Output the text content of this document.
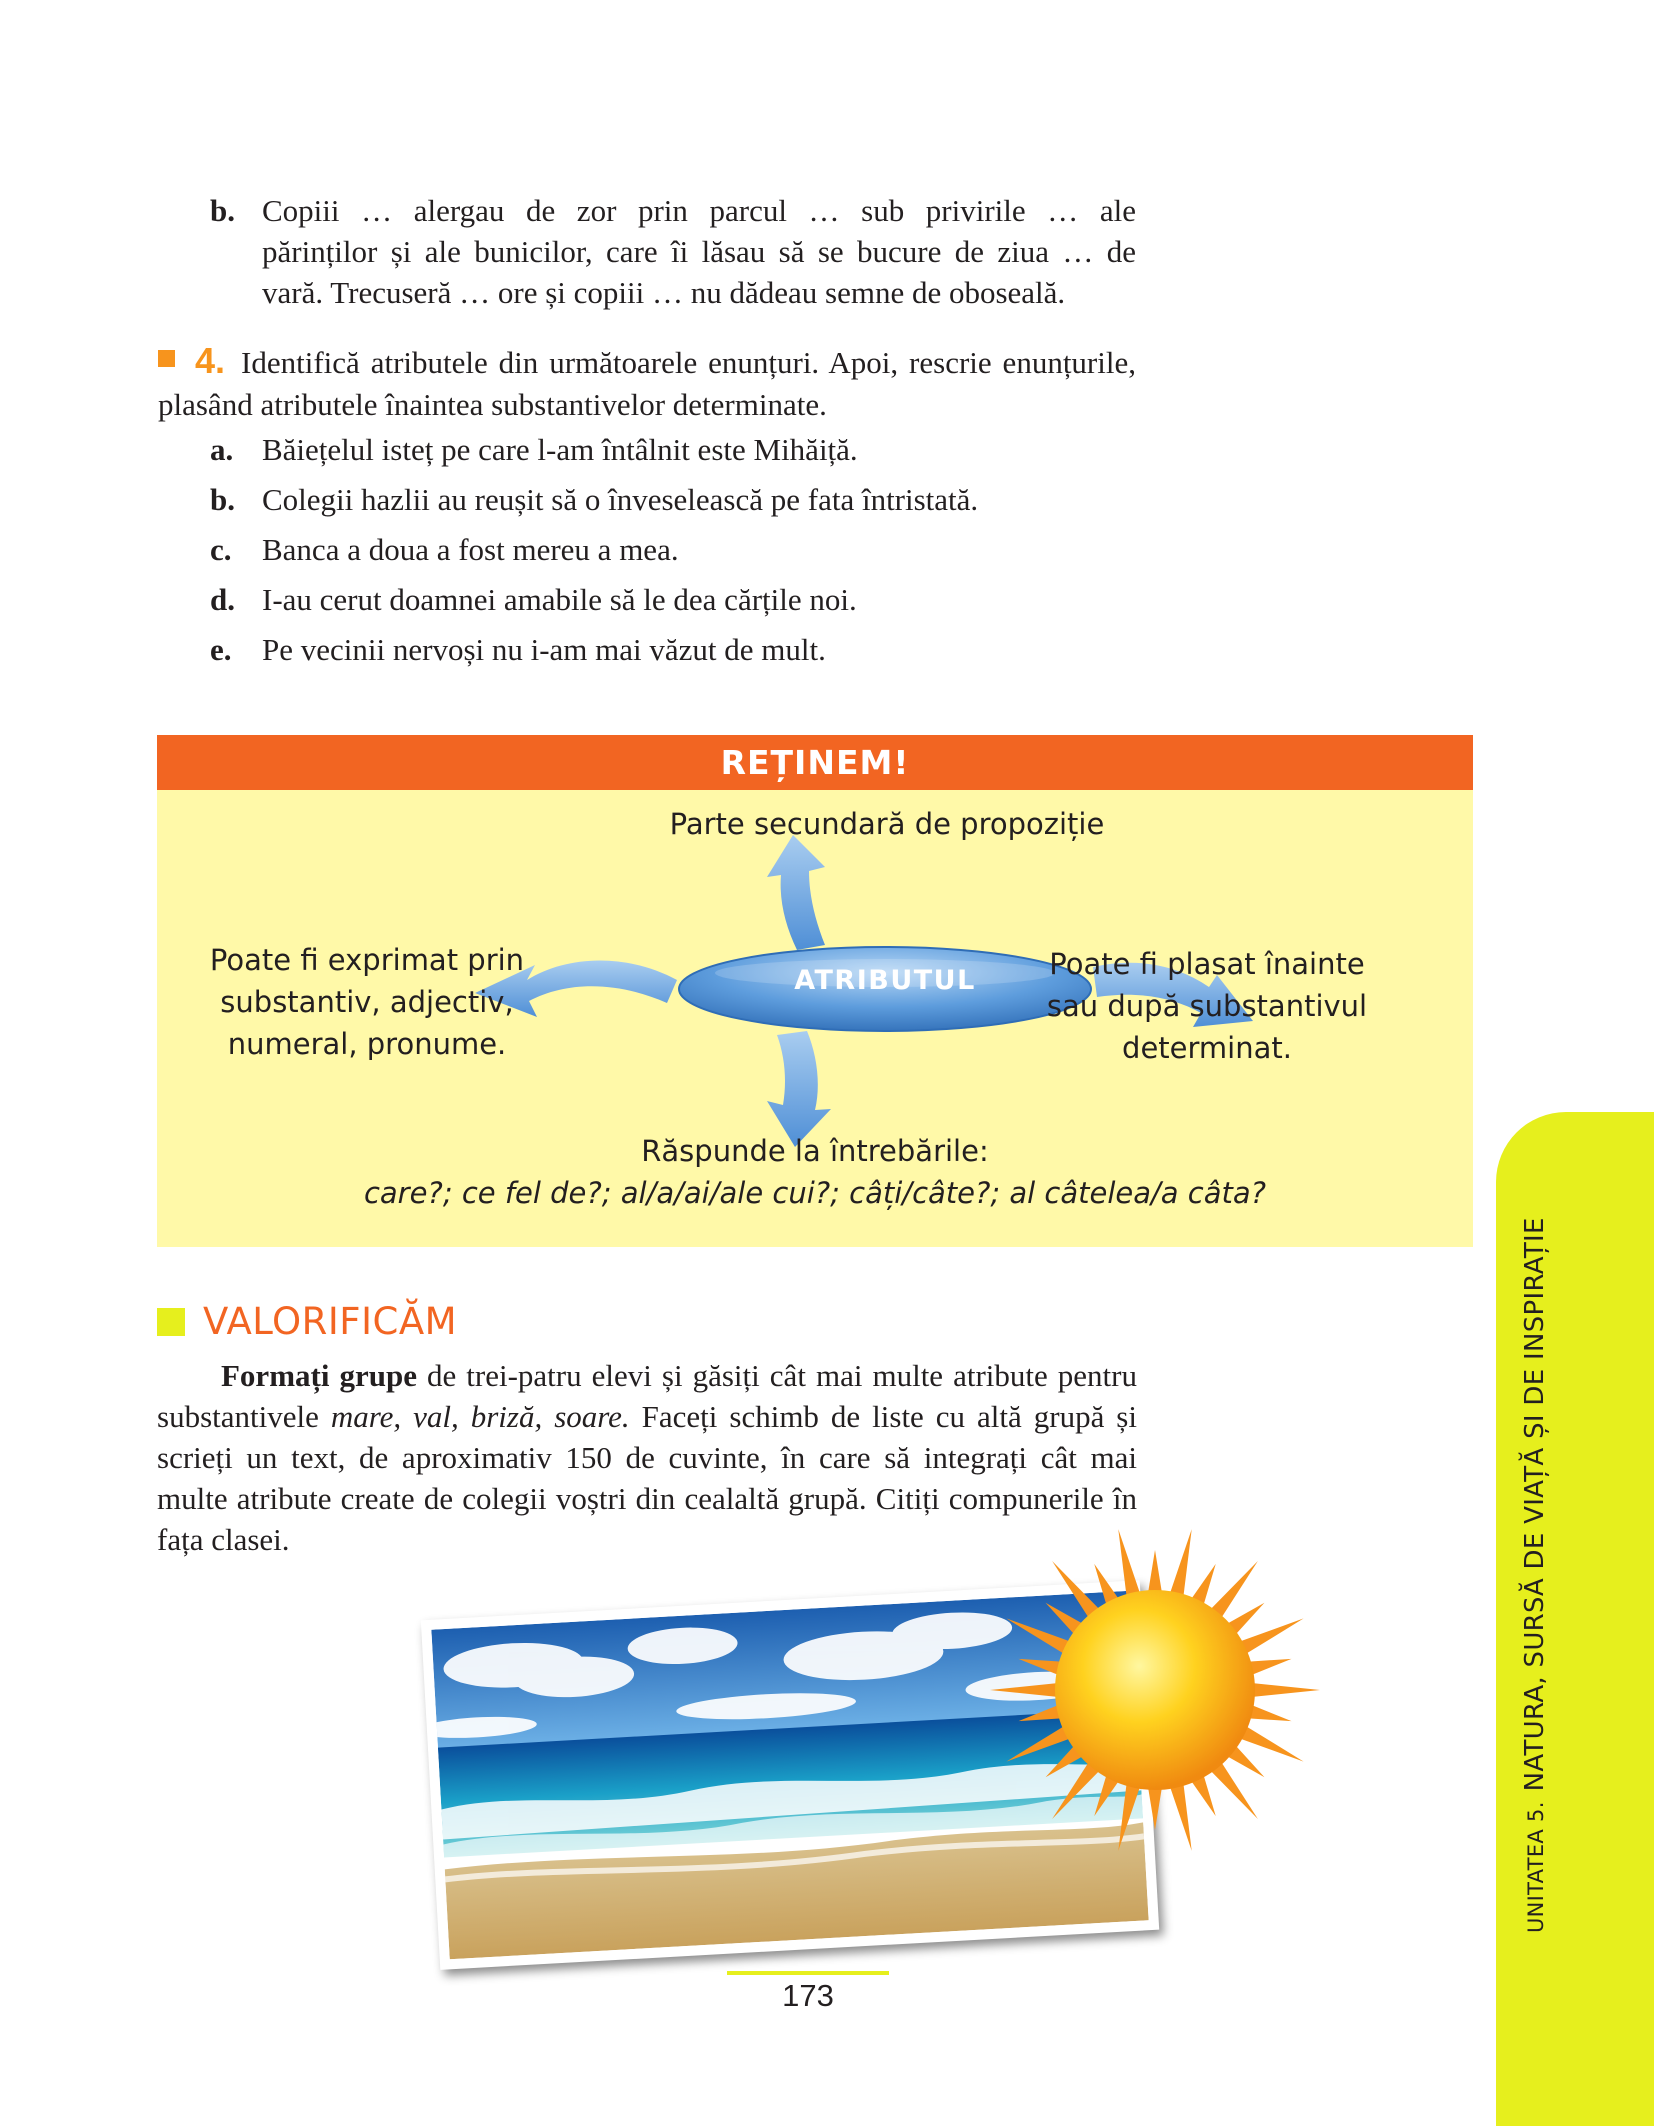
b. Copiii … alergau de zor prin parcul … sub privirile … ale
părinților și ale bunicilor, care îi lăsau să se bucure de ziua … de
vară. Trecuseră … ore și copiii … nu dădeau semne de oboseală.
4. Identifică atributele din următoarele enunțuri. Apoi, rescrie enunțurile, plasând atributele înaintea substantivelor determinate.
a. Băiețelul isteț pe care l-am întâlnit este Mihăiță.
b. Colegii hazlii au reușit să o înveselească pe fata întristată.
c. Banca a doua a fost mereu a mea.
d. I-au cerut doamnei amabile să le dea cărțile noi.
e. Pe vecinii nervoși nu i-am mai văzut de mult.
REȚINEM!
ATRIBUTUL
Parte secundară de propoziție
Poate fi exprimat prin
substantiv, adjectiv,
numeral, pronume.
Poate fi plasat înainte
sau după substantivul
determinat.
Răspunde la întrebările:
care?; ce fel de?; al/a/ai/ale cui?; câți/câte?; al câtelea/a câta?
VALORIFICĂM
Formați grupe de trei-patru elevi și găsiți cât mai multe atribute pentru substantivele mare, val, briză, soare. Faceți schimb de liste cu altă grupă și scrieți un text, de aproximativ 150 de cuvinte, în care să integrați cât mai multe atribute create de colegii voștri din cealaltă grupă. Citiți compunerile în fața clasei.
173
UNITATEA 5.NATURA, SURSĂ DE VIAȚĂ ȘI DE INSPIRAȚIE
